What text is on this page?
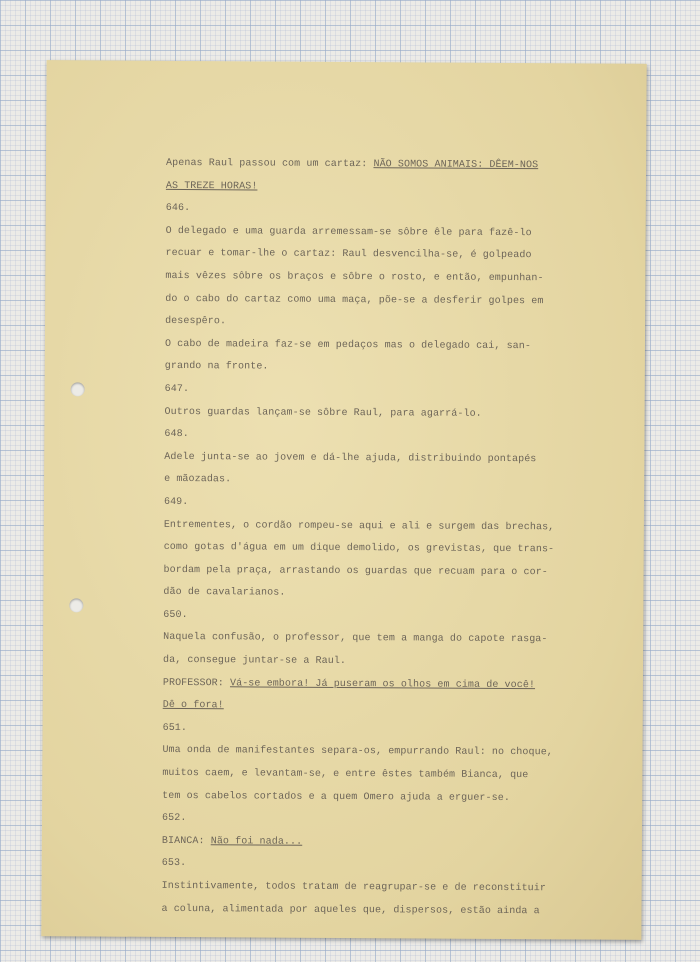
Apenas Raul passou com um cartaz: NÃO SOMOS ANIMAIS: DÊEM-NOS
AS TREZE HORAS!
646.
O delegado e uma guarda arremessam-se sôbre êle para fazê-lo
recuar e tomar-lhe o cartaz: Raul desvencilha-se, é golpeado
mais vêzes sôbre os braços e sôbre o rosto, e então, empunhan-
do o cabo do cartaz como uma maça, põe-se a desferir golpes em
desespêro.
O cabo de madeira faz-se em pedaços mas o delegado cai, san-
grando na fronte.
647.
Outros guardas lançam-se sôbre Raul, para agarrá-lo.
648.
Adele junta-se ao jovem e dá-lhe ajuda, distribuindo pontapés
e mãozadas.
649.
Entrementes, o cordão rompeu-se aqui e ali e surgem das brechas,
como gotas d'água em um dique demolido, os grevistas, que trans-
bordam pela praça, arrastando os guardas que recuam para o cor-
dão de cavalarianos.
650.
Naquela confusão, o professor, que tem a manga do capote rasga-
da, consegue juntar-se a Raul.
PROFESSOR: Vá-se embora! Já puseram os olhos em cima de você!
Dê o fora!
651.
Uma onda de manifestantes separa-os, empurrando Raul: no choque,
muitos caem, e levantam-se, e entre êstes também Bianca, que
tem os cabelos cortados e a quem Omero ajuda a erguer-se.
652.
BIANCA: Não foi nada...
653.
Instintivamente, todos tratam de reagrupar-se e de reconstituir
a coluna, alimentada por aqueles que, dispersos, estão ainda a
